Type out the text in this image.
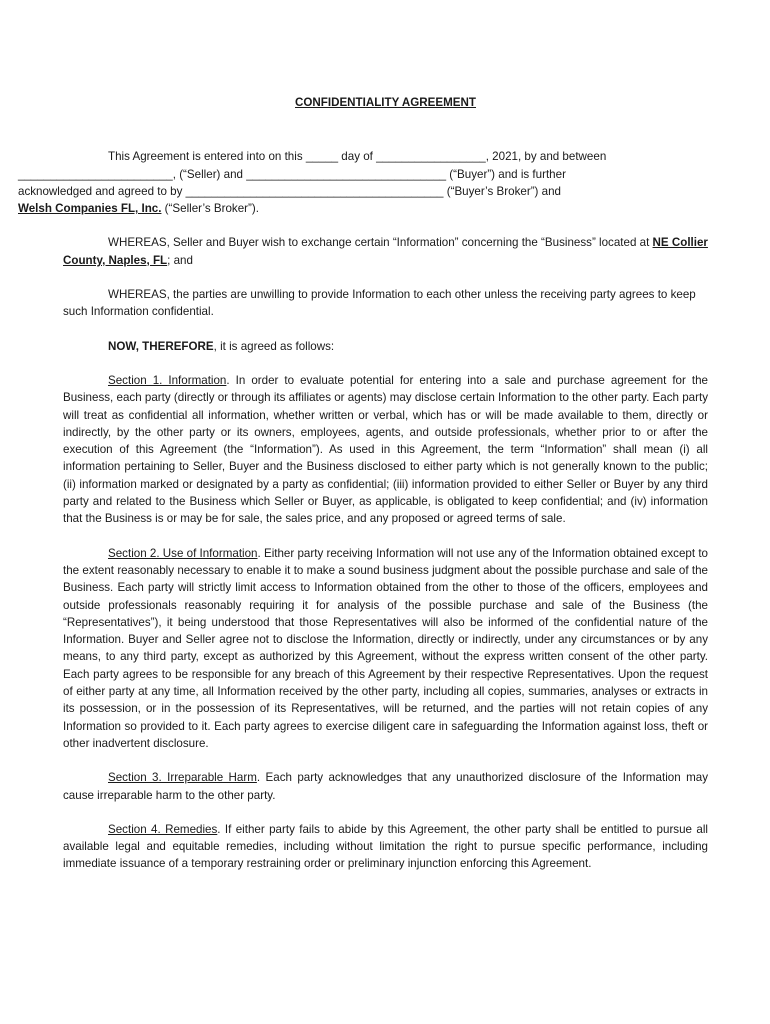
CONFIDENTIALITY AGREEMENT

This Agreement is entered into on this _____ day of _________________, 2021, by and between
________________________, (“Seller) and _______________________________ (“Buyer”) and is further
acknowledged and agreed to by ________________________________________ (“Buyer’s Broker”) and
Welsh Companies FL, Inc. (“Seller’s Broker”).

WHEREAS, Seller and Buyer wish to exchange certain “Information” concerning the “Business” located at NE Collier County, Naples, FL; and

WHEREAS, the parties are unwilling to provide Information to each other unless the receiving party agrees to keep such Information confidential.

NOW, THEREFORE, it is agreed as follows:

Section 1. Information. In order to evaluate potential for entering into a sale and purchase agreement for the Business, each party (directly or through its affiliates or agents) may disclose certain Information to the other party. Each party will treat as confidential all information, whether written or verbal, which has or will be made available to them, directly or indirectly, by the other party or its owners, employees, agents, and outside professionals, whether prior to or after the execution of this Agreement (the “Information”). As used in this Agreement, the term “Information” shall mean (i) all information pertaining to Seller, Buyer and the Business disclosed to either party which is not generally known to the public; (ii) information marked or designated by a party as confidential; (iii) information provided to either Seller or Buyer by any third party and related to the Business which Seller or Buyer, as applicable, is obligated to keep confidential; and (iv) information that the Business is or may be for sale, the sales price, and any proposed or agreed terms of sale.

Section 2. Use of Information. Either party receiving Information will not use any of the Information obtained except to the extent reasonably necessary to enable it to make a sound business judgment about the possible purchase and sale of the Business. Each party will strictly limit access to Information obtained from the other to those of the officers, employees and outside professionals reasonably requiring it for analysis of the possible purchase and sale of the Business (the “Representatives”), it being understood that those Representatives will also be informed of the confidential nature of the Information. Buyer and Seller agree not to disclose the Information, directly or indirectly, under any circumstances or by any means, to any third party, except as authorized by this Agreement, without the express written consent of the other party. Each party agrees to be responsible for any breach of this Agreement by their respective Representatives. Upon the request of either party at any time, all Information received by the other party, including all copies, summaries, analyses or extracts in its possession, or in the possession of its Representatives, will be returned, and the parties will not retain copies of any Information so provided to it. Each party agrees to exercise diligent care in safeguarding the Information against loss, theft or other inadvertent disclosure.

Section 3. Irreparable Harm. Each party acknowledges that any unauthorized disclosure of the Information may cause irreparable harm to the other party.

Section 4. Remedies. If either party fails to abide by this Agreement, the other party shall be entitled to pursue all available legal and equitable remedies, including without limitation the right to pursue specific performance, including immediate issuance of a temporary restraining order or preliminary injunction enforcing this Agreement.
